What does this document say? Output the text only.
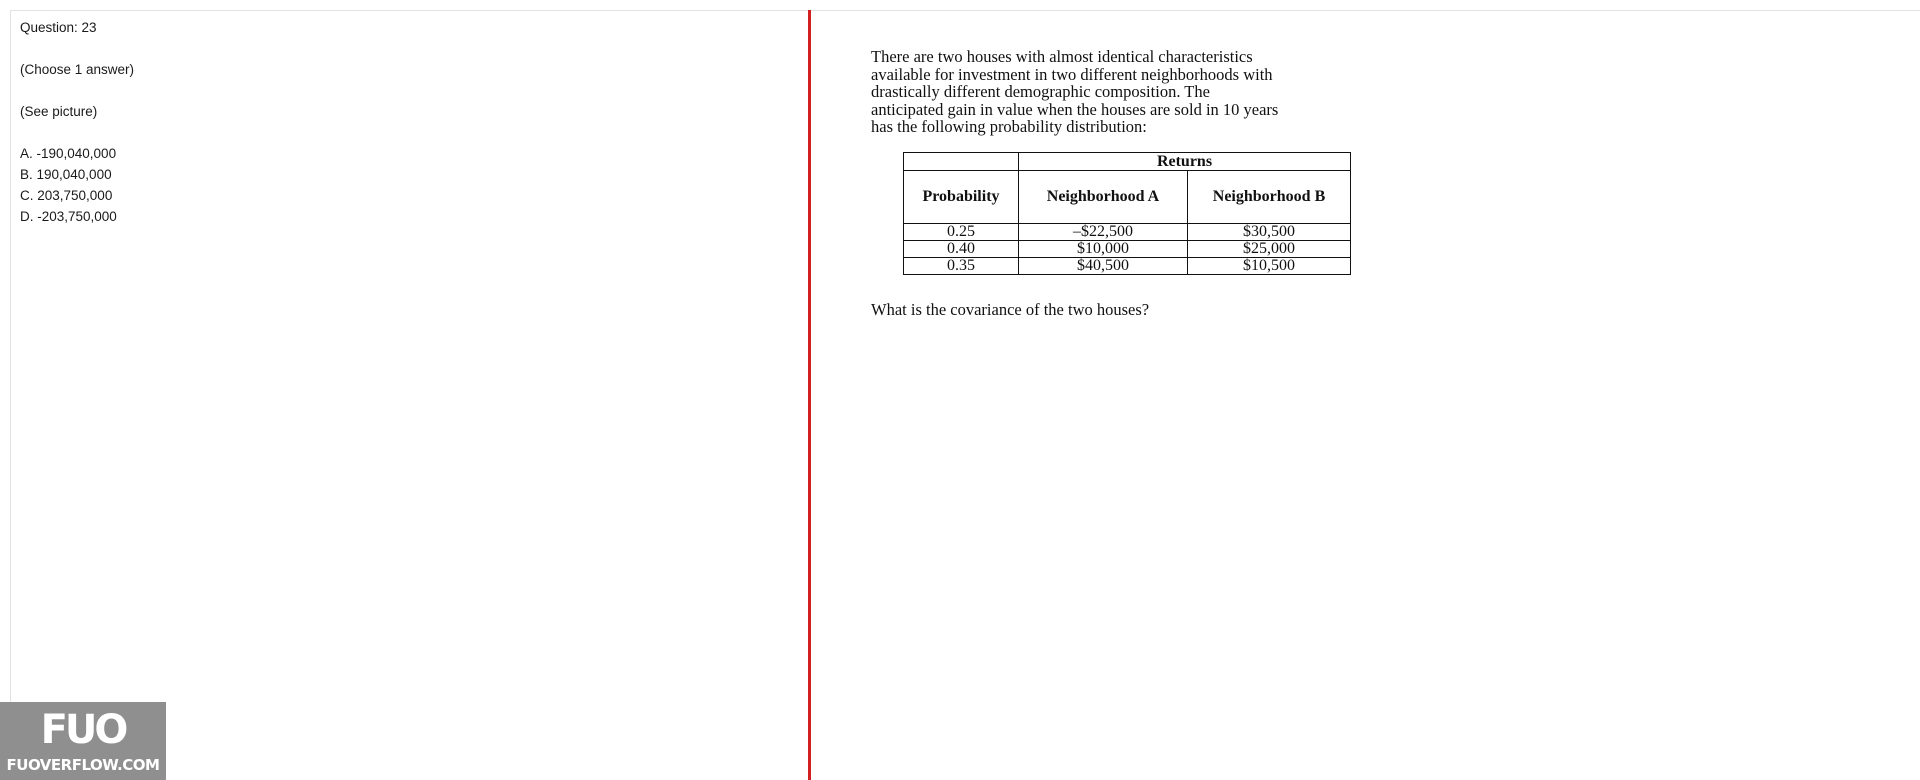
Question: 23
(Choose 1 answer)
(See picture)
A. -190,040,000
B. 190,040,000
C. 203,750,000
D. -203,750,000

There are two houses with almost identical characteristics
available for investment in two different neighborhoods with
drastically different demographic composition. The
anticipated gain in value when the houses are sold in 10 years
has the following probability distribution:

	Returns	
Probability	Neighborhood A	Neighborhood B
0.25	–$22,500	$30,500
0.40	$10,000	$25,000
0.35	$40,500	$10,500
What is the covariance of the two houses?
FUO
FUOVERFLOW.COM
